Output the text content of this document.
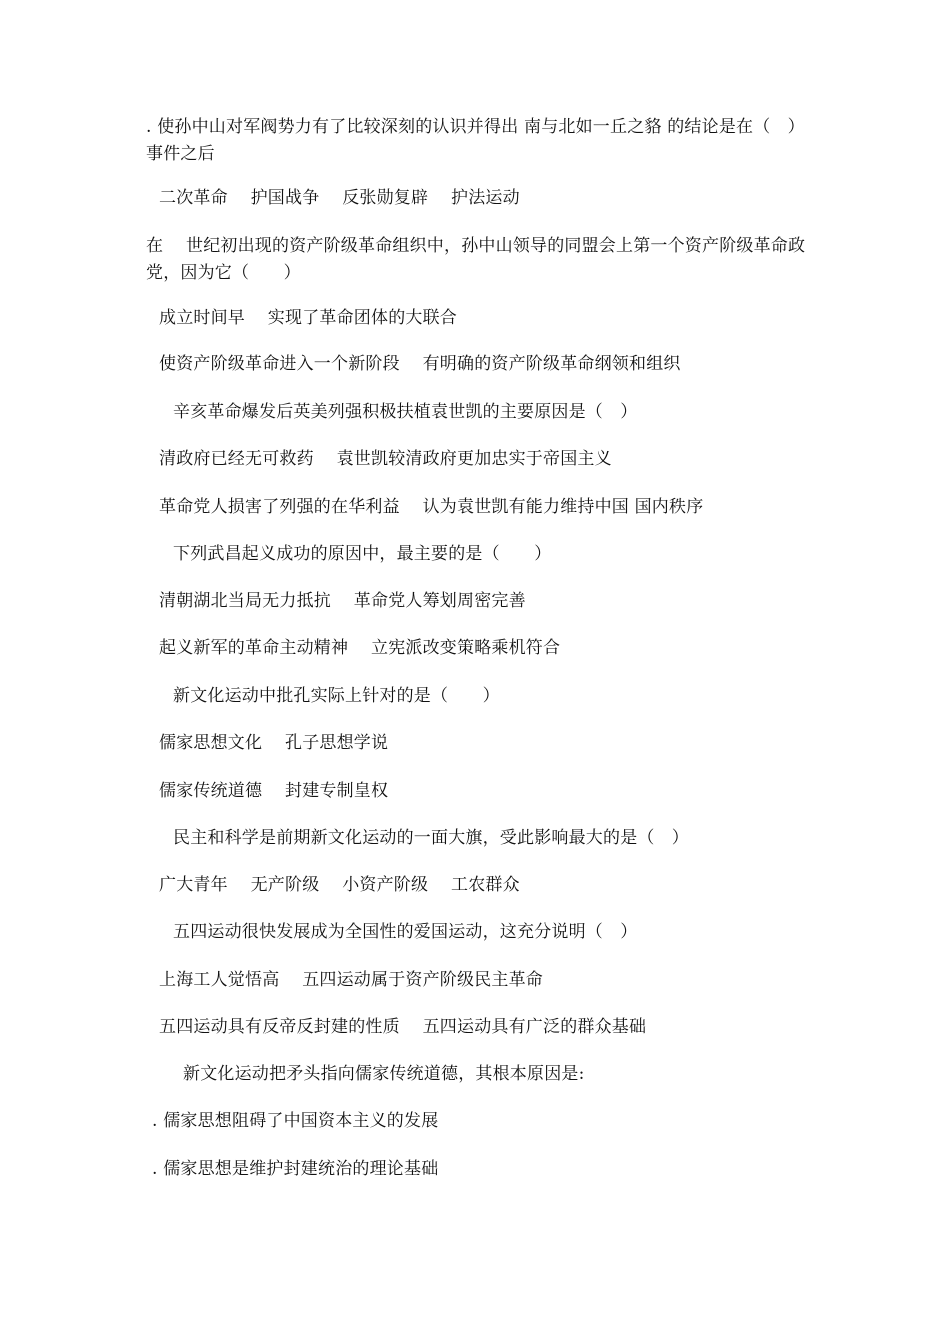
. 使孙中山对军阀势力有了比较深刻的认识并得出 南与北如一丘之貉 的结论是在（　）事件之后
二次革命　 护国战争　 反张勋复辟　 护法运动
在　 世纪初出现的资产阶级革命组织中，孙中山领导的同盟会上第一个资产阶级革命政党，因为它（　　）
成立时间早　 实现了革命团体的大联合
使资产阶级革命进入一个新阶段　 有明确的资产阶级革命纲领和组织
辛亥革命爆发后英美列强积极扶植袁世凯的主要原因是（　）
清政府已经无可救药　 袁世凯较清政府更加忠实于帝国主义
革命党人损害了列强的在华利益　 认为袁世凯有能力维持中国 国内秩序
下列武昌起义成功的原因中，最主要的是（　　）
清朝湖北当局无力抵抗　 革命党人筹划周密完善
起义新军的革命主动精神　 立宪派改变策略乘机符合
新文化运动中批孔实际上针对的是（　　）
儒家思想文化　 孔子思想学说
儒家传统道德　 封建专制皇权
民主和科学是前期新文化运动的一面大旗，受此影响最大的是（　）
广大青年　 无产阶级　 小资产阶级　 工农群众
五四运动很快发展成为全国性的爱国运动，这充分说明（　）
上海工人觉悟高　 五四运动属于资产阶级民主革命
五四运动具有反帝反封建的性质　 五四运动具有广泛的群众基础
新文化运动把矛头指向儒家传统道德，其根本原因是:
. 儒家思想阻碍了中国资本主义的发展
. 儒家思想是维护封建统治的理论基础
